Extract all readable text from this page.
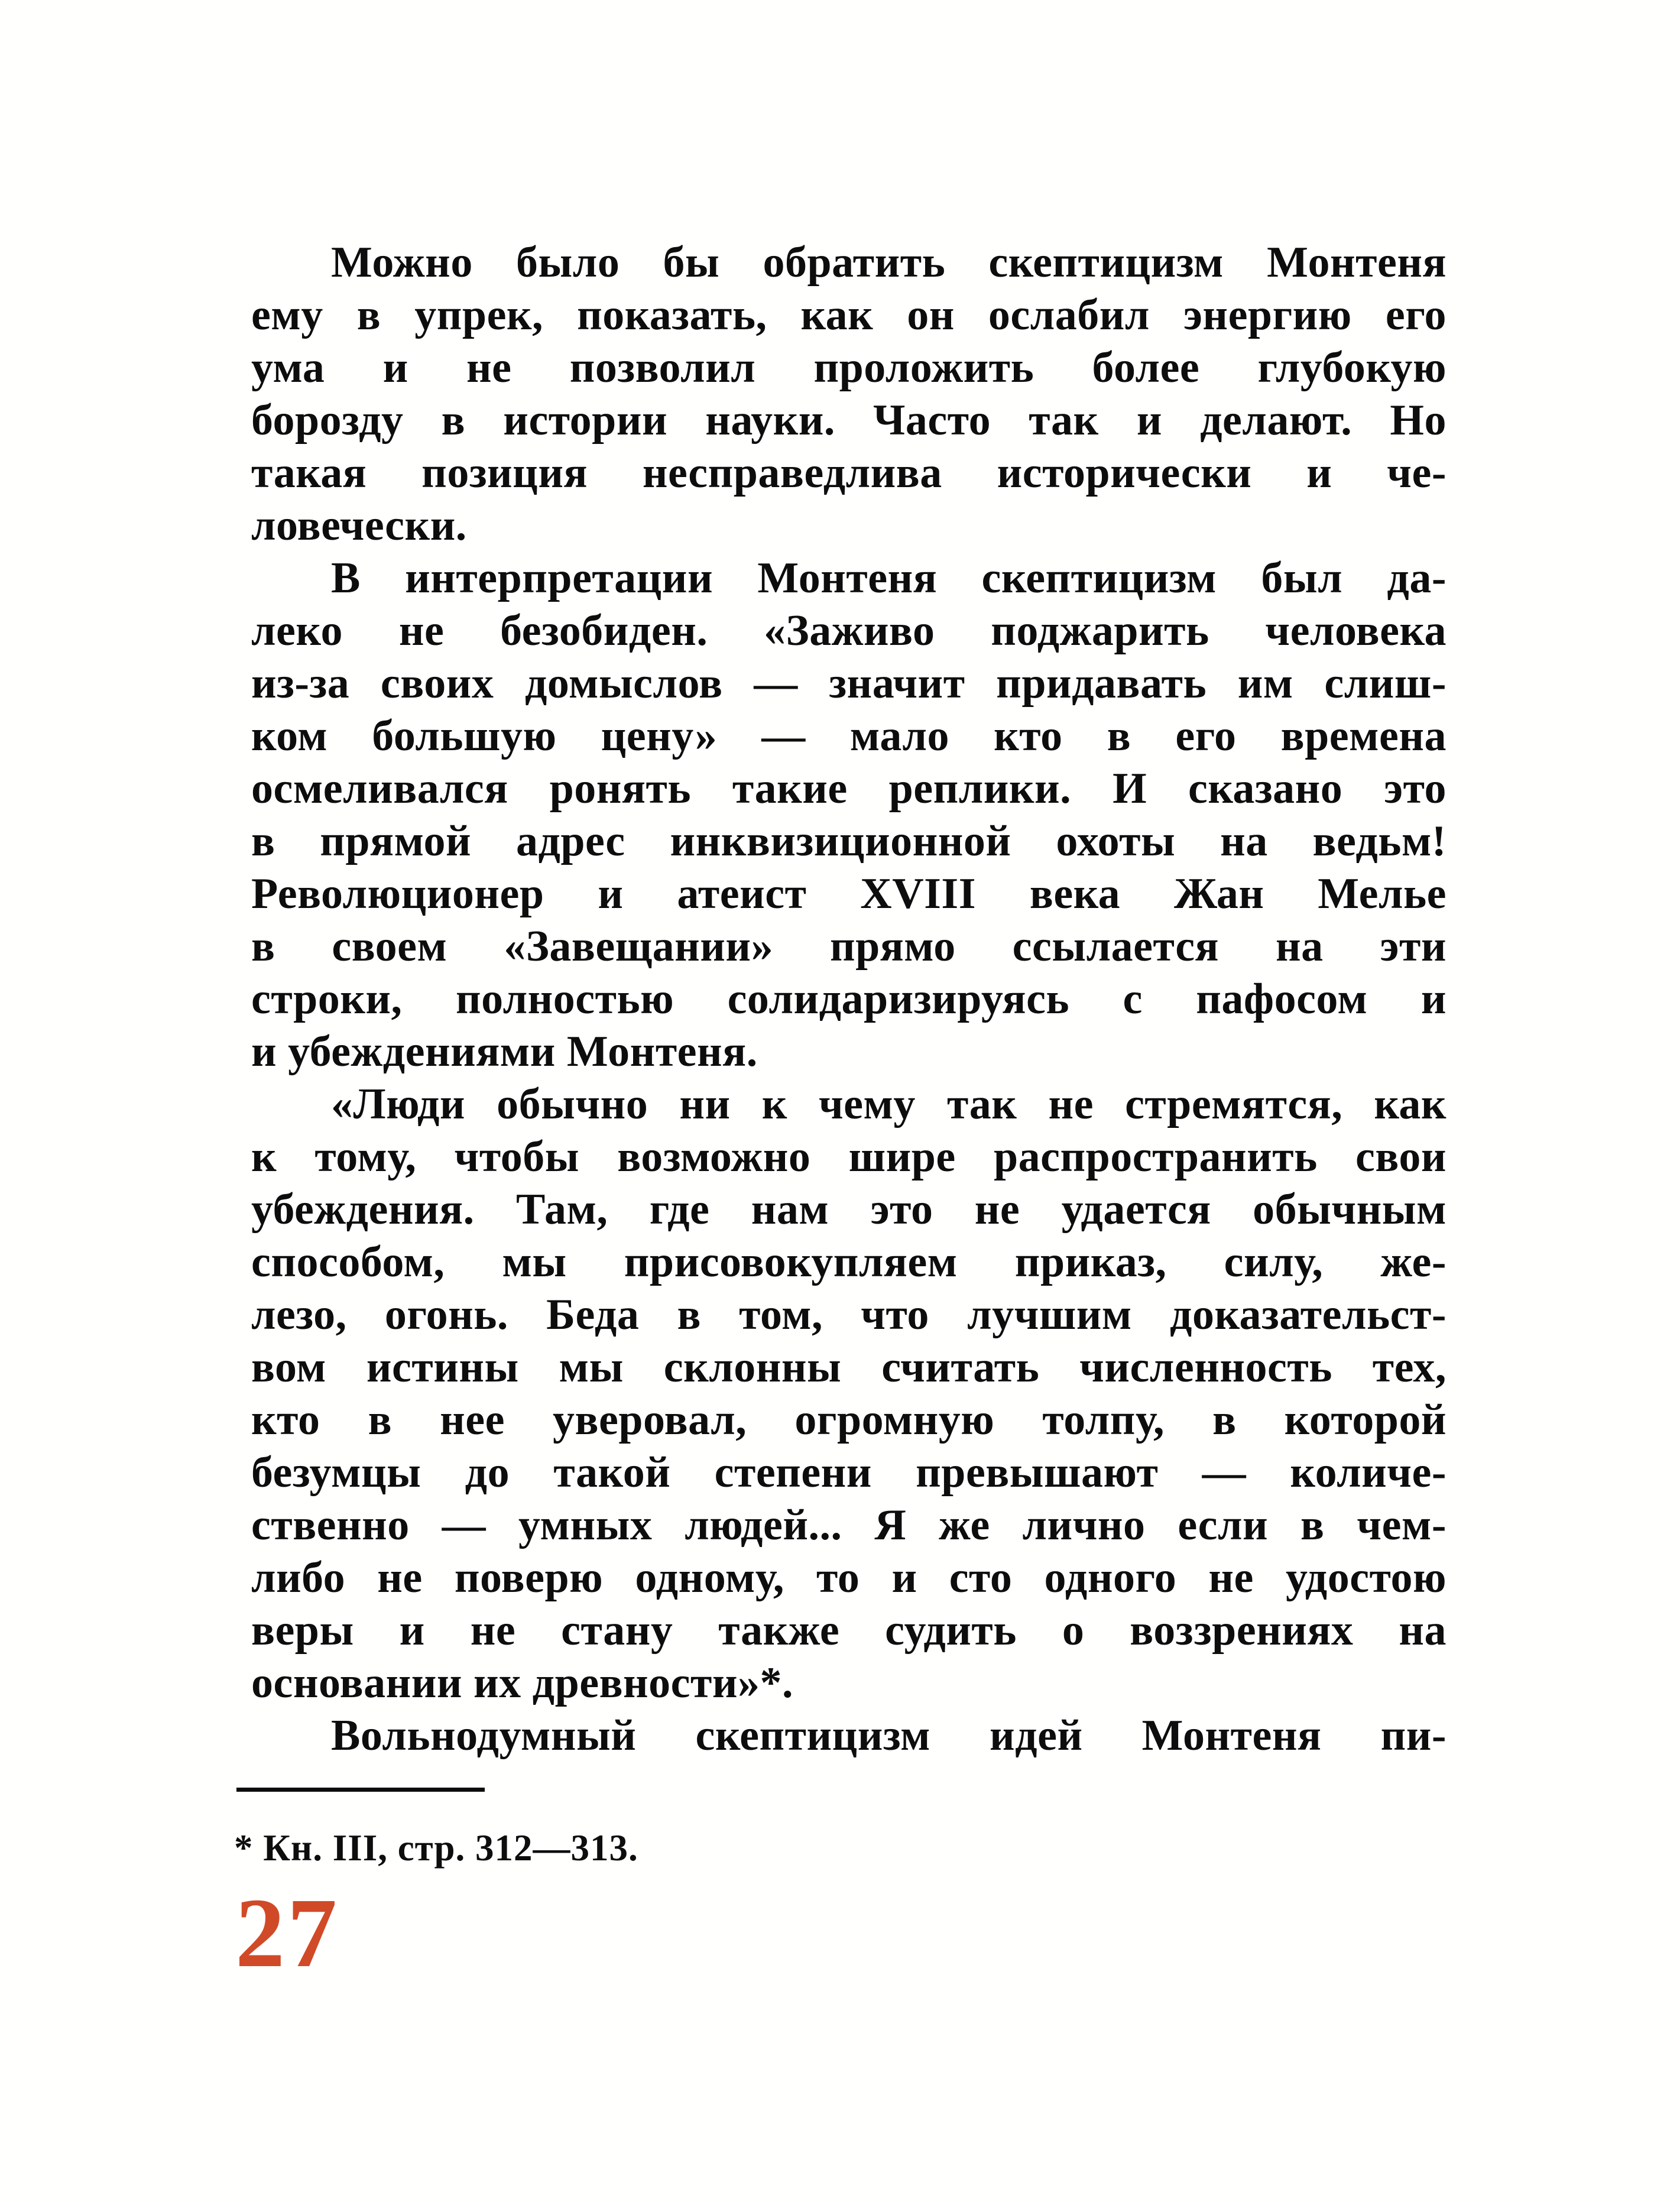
Можно было бы обратить скептицизм Монтеня
ему в упрек, показать, как он ослабил энергию его
ума и не позволил проложить более глубокую
борозду в истории науки. Часто так и делают. Но
такая позиция несправедлива исторически и че-
ловечески.
В интерпретации Монтеня скептицизм был да-
леко не безобиден. «Заживо поджарить человека
из-за своих домыслов — значит придавать им слиш-
ком большую цену» — мало кто в его времена
осмеливался ронять такие реплики. И сказано это
в прямой адрес инквизиционной охоты на ведьм!
Революционер и атеист XVIII века Жан Мелье
в своем «Завещании» прямо ссылается на эти
строки, полностью солидаризируясь с пафосом и
и убеждениями Монтеня.
«Люди обычно ни к чему так не стремятся, как
к тому, чтобы возможно шире распространить свои
убеждения. Там, где нам это не удается обычным
способом, мы присовокупляем приказ, силу, же-
лезо, огонь. Беда в том, что лучшим доказательст-
вом истины мы склонны считать численность тех,
кто в нее уверовал, огромную толпу, в которой
безумцы до такой степени превышают — количе-
ственно — умных людей... Я же лично если в чем-
либо не поверю одному, то и сто одного не удостою
веры и не стану также судить о воззрениях на
основании их древности»*.
Вольнодумный скептицизм идей Монтеня пи-
* Кн. III, стр. 312—313.
27
